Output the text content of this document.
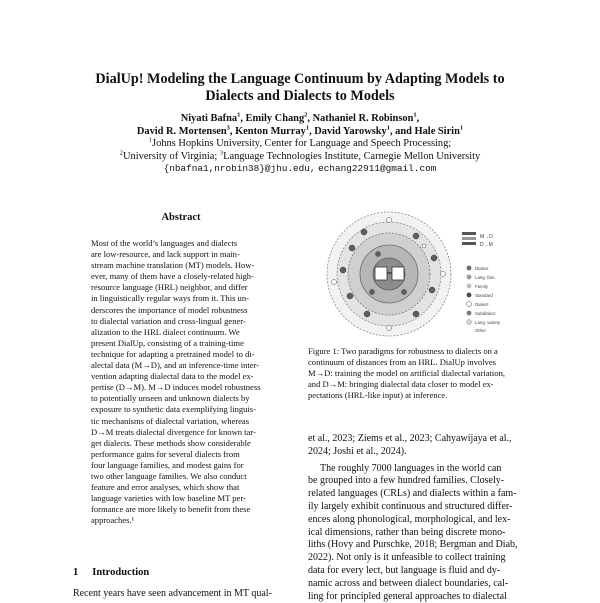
DialUp! Modeling the Language Continuum by Adapting Models to
Dialects and Dialects to Models
Niyati Bafna$^1$, Emily Chang$^2$, Nathaniel R. Robinson$^1$,
David R. Mortensen$^3$, Kenton Murray$^1$, David Yarowsky$^1$, and Hale Sirin$^1$
$^1$Johns Hopkins University, Center for Language and Speech Processing;
$^2$University of Virginia; $^3$Language Technologies Institute, Carnegie Mellon University
{nbafna1,nrobin38}@jhu.edu, echang22911@gmail.com
Abstract

Most of the world’s languages and dialects

are low-resource, and lack support in main-

stream machine translation (MT) models. How-

ever, many of them have a closely-related high-

resource language (HRL) neighbor, and differ

in linguistically regular ways from it. This un-

derscores the importance of model robustness

to dialectal variation and cross-lingual gener-

alization to the HRL dialect continuum. We

present DialUp, consisting of a training-time

technique for adapting a pretrained model to di-

alectal data (M→D), and an inference-time inter-

vention adapting dialectal data to the model ex-

pertise (D→M). M→D induces model robustness

to potentially unseen and unknown dialects by

exposure to synthetic data exemplifying linguis-

tic mechanisms of dialectal variation, whereas

D→M treats dialectal divergence for known tar-

get dialects. These methods show considerable

performance gains for several dialects from

four language families, and modest gains for

two other language families. We also conduct

feature and error analyses, which show that

language varieties with low baseline MT per-

formance are more likely to benefit from these

approaches.¹

1 Introduction
Recent years have seen advancement in MT qual-
M→D
D→M
Dialect
Lang. fam.
Family
Standard
Dialect
Subdialect
Lang. variety
Other

Figure 1: Two paradigms for robustness to dialects on a

continuum of distances from an HRL. DialUp involves

M→D: training the model on artificial dialectal variation,

and D→M: bringing dialectal data closer to model ex-

pectations (HRL-like input) at inference.

et al., 2023; Ziems et al., 2023; Cahyawijaya et al.,

2024; Joshi et al., 2024).

The roughly 7000 languages in the world can

be grouped into a few hundred families. Closely-

related languages (CRLs) and dialects within a fam-

ily largely exhibit continuous and structured differ-

ences along phonological, morphological, and lex-

ical dimensions, rather than being discrete mono-

liths (Hovy and Purschke, 2018; Bergman and Diab,

2022). Not only is it unfeasible to collect training

data for every lect, but language is fluid and dy-

namic across and between dialect boundaries, cal-

ling for principled general approaches to dialectal
